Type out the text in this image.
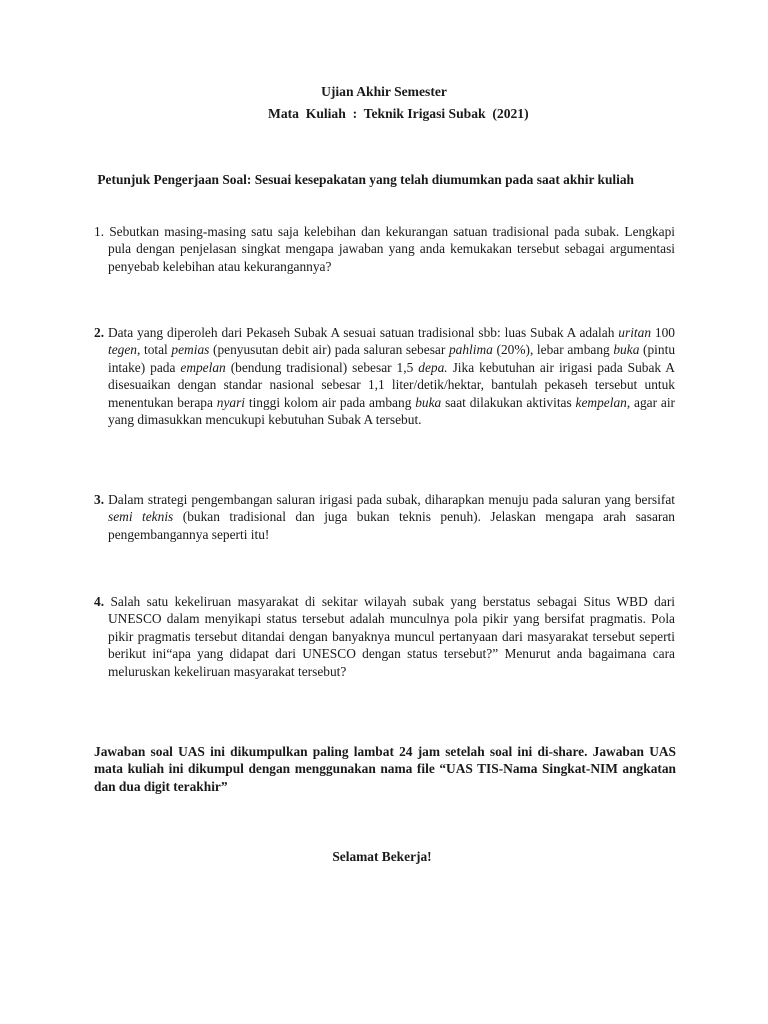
Ujian Akhir Semester
Mata  Kuliah  :  Teknik Irigasi Subak  (2021)
Petunjuk Pengerjaan Soal: Sesuai kesepakatan yang telah diumumkan pada saat akhir kuliah
1. Sebutkan masing-masing satu saja kelebihan dan kekurangan satuan tradisional pada subak. Lengkapi pula dengan penjelasan singkat mengapa jawaban yang anda kemukakan tersebut sebagai argumentasi penyebab kelebihan atau kekurangannya?
2. Data yang diperoleh dari Pekaseh Subak A sesuai satuan tradisional sbb: luas Subak A adalah uritan 100 tegen, total pemias (penyusutan debit air) pada saluran sebesar pahlima (20%), lebar ambang buka (pintu intake) pada empelan (bendung tradisional) sebesar 1,5 depa. Jika kebutuhan air irigasi pada Subak A disesuaikan dengan standar nasional sebesar 1,1 liter/detik/hektar, bantulah pekaseh tersebut untuk menentukan berapa nyari tinggi kolom air pada ambang buka saat dilakukan aktivitas kempelan, agar air yang dimasukkan mencukupi kebutuhan Subak A tersebut.
3. Dalam strategi pengembangan saluran irigasi pada subak, diharapkan menuju pada saluran yang bersifat semi teknis (bukan tradisional dan juga bukan teknis penuh). Jelaskan mengapa arah sasaran pengembangannya seperti itu!
4. Salah satu kekeliruan masyarakat di sekitar wilayah subak yang berstatus sebagai Situs WBD dari UNESCO dalam menyikapi status tersebut adalah munculnya pola pikir yang bersifat pragmatis. Pola pikir pragmatis tersebut ditandai dengan banyaknya muncul pertanyaan dari masyarakat tersebut seperti berikut ini“apa yang didapat dari UNESCO dengan status tersebut?” Menurut anda bagaimana cara meluruskan kekeliruan masyarakat tersebut?
Jawaban soal UAS ini dikumpulkan paling lambat 24 jam setelah soal ini di-share. Jawaban UAS mata kuliah ini dikumpul dengan menggunakan nama file “UAS TIS-Nama Singkat-NIM angkatan dan dua digit terakhir”
Selamat Bekerja!
